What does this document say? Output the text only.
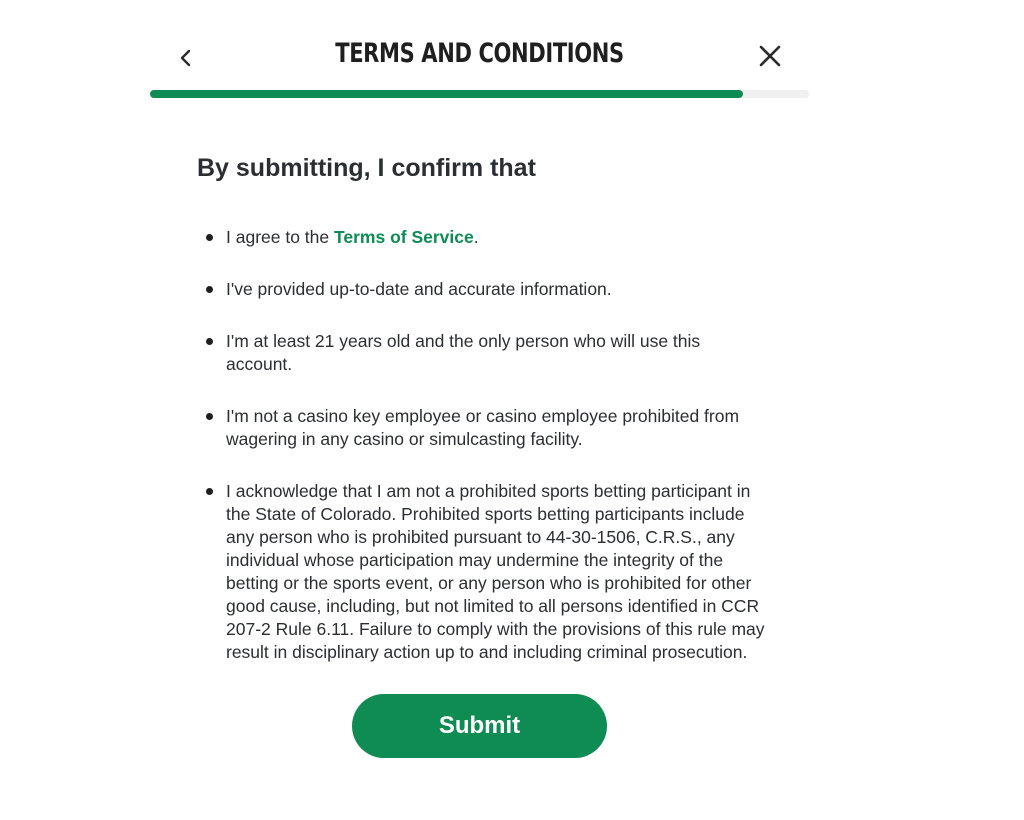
TERMS AND CONDITIONS
By submitting, I confirm that
I agree to the Terms of Service.
I've provided up-to-date and accurate information.
I'm at least 21 years old and the only person who will use this account.
I'm not a casino key employee or casino employee prohibited from wagering in any casino or simulcasting facility.
I acknowledge that I am not a prohibited sports betting participant in the State of Colorado. Prohibited sports betting participants include any person who is prohibited pursuant to 44-30-1506, C.R.S., any individual whose participation may undermine the integrity of the betting or the sports event, or any person who is prohibited for other good cause, including, but not limited to all persons identified in CCR 207-2 Rule 6.11. Failure to comply with the provisions of this rule may result in disciplinary action up to and including criminal prosecution.
Submit
